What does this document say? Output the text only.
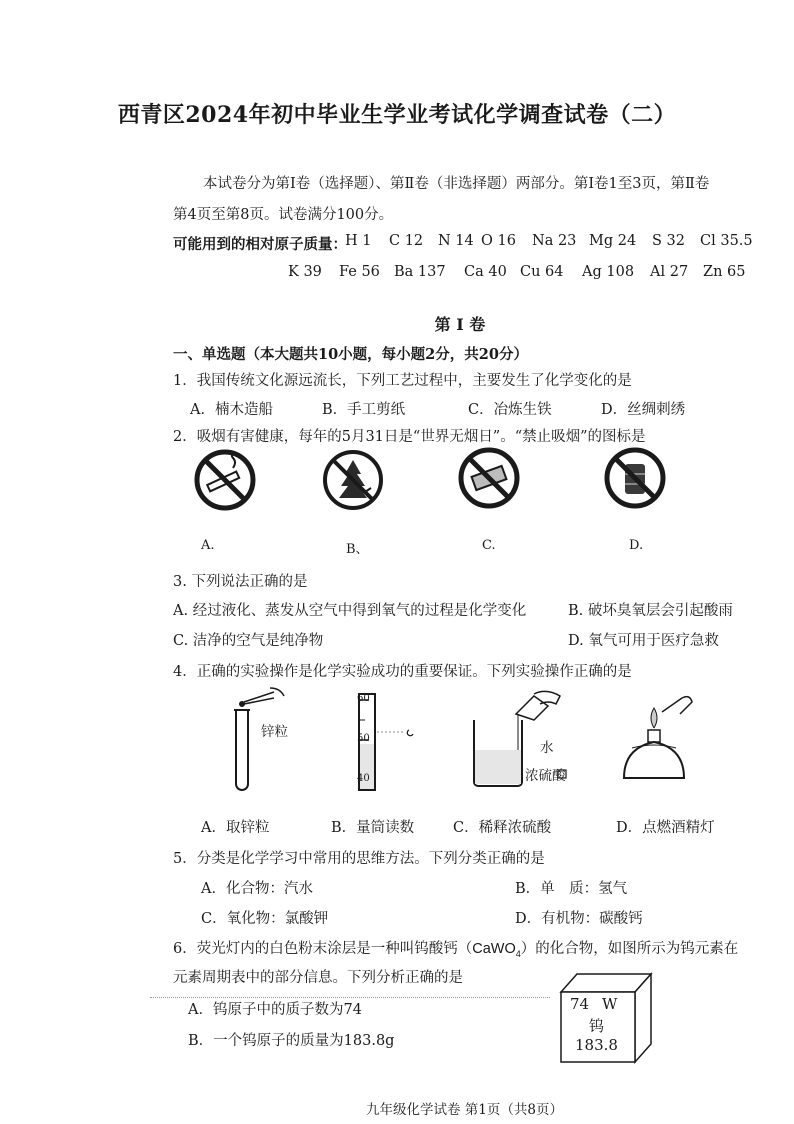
西青区2024年初中毕业生学业考试化学调查试卷（二）
本试卷分为第Ⅰ卷（选择题）、第Ⅱ卷（非选择题）两部分。第Ⅰ卷1至3页，第Ⅱ卷
第4页至第8页。试卷满分100分。
可能用到的相对原子质量：
H 1 C 12 N 14 O 16 Na 23 Mg 24 S 32 Cl 35.5
K 39 Fe 56 Ba 137 Ca 40 Cu 64 Ag 108 Al 27 Zn 65
第 Ⅰ 卷
一、单选题（本大题共10小题，每小题2分，共20分）
1．我国传统文化源远流长，下列工艺过程中，主要发生了化学变化的是
A．楠木造船	B．手工剪纸	C．冶炼生铁	D．丝绸刺绣
2．吸烟有害健康，每年的5月31日是“世界无烟日”。“禁止吸烟”的图标是
A.	B、	C.	D.
3. 下列说法正确的是
A. 经过液化、蒸发从空气中得到氧气的过程是化学变化	B. 破坏臭氧层会引起酸雨
C. 洁净的空气是纯净物	D. 氧气可用于医疗急救
4．正确的实验操作是化学实验成功的重要保证。下列实验操作正确的是
锌粒
60
50
40
水
浓硫酸
A．取锌粒	B．量筒读数	C．稀释浓硫酸	D．点燃酒精灯
5．分类是化学学习中常用的思维方法。下列分类正确的是
A．化合物：汽水	B．单　质：氢气
C．氧化物：氯酸钾	D．有机物：碳酸钙
6．荧光灯内的白色粉末涂层是一种叫钨酸钙（CaWO$_4$）的化合物，如图所示为钨元素在
元素周期表中的部分信息。下列分析正确的是
A．钨原子中的质子数为74
B．一个钨原子的质量为183.8g
74 W
钨
183.8
九年级化学试卷 第1页（共8页）
